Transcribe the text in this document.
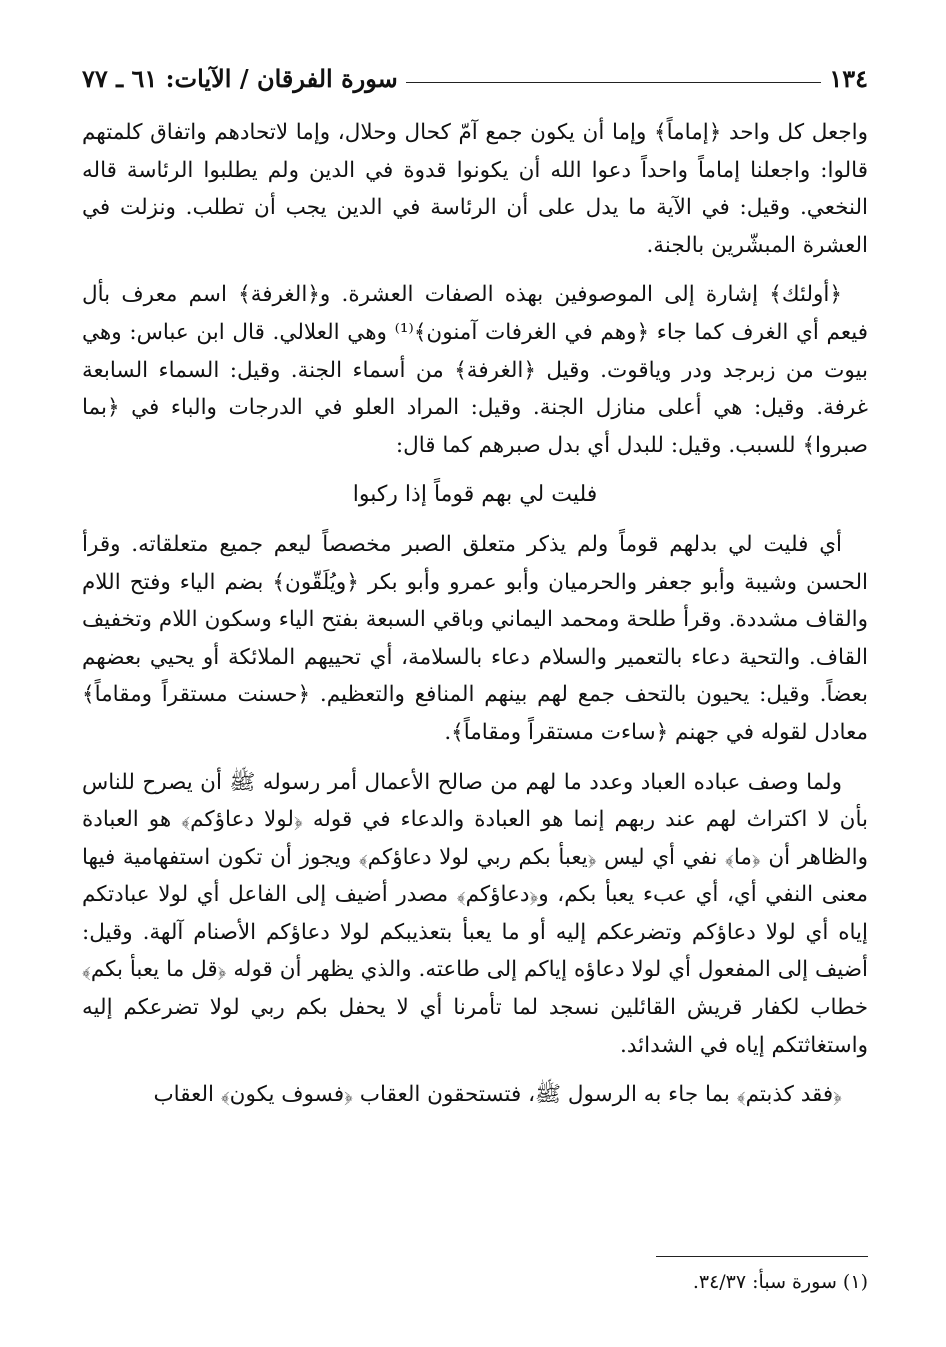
١٣٤
سورة الفرقان / الآيات: ٦١ ـ ٧٧

واجعل كل واحد ﴿إماماً﴾ وإما أن يكون جمع آمّ كحال وحلال، وإما لاتحادهم واتفاق كلمتهم قالوا: واجعلنا إماماً واحداً دعوا الله أن يكونوا قدوة في الدين ولم يطلبوا الرئاسة قاله النخعي. وقيل: في الآية ما يدل على أن الرئاسة في الدين يجب أن تطلب. ونزلت في العشرة المبشّرين بالجنة.

﴿أولئك﴾ إشارة إلى الموصوفين بهذه الصفات العشرة. و﴿الغرفة﴾ اسم معرف بأل فيعم أي الغرف كما جاء ﴿وهم في الغرفات آمنون﴾⁽¹⁾ وهي العلالي. قال ابن عباس: وهي بيوت من زبرجد ودر وياقوت. وقيل ﴿الغرفة﴾ من أسماء الجنة. وقيل: السماء السابعة غرفة. وقيل: هي أعلى منازل الجنة. وقيل: المراد العلو في الدرجات والباء في ﴿بما صبروا﴾ للسبب. وقيل: للبدل أي بدل صبرهم كما قال:

فليت لي بهم قوماً إذا ركبوا

أي فليت لي بدلهم قوماً ولم يذكر متعلق الصبر مخصصاً ليعم جميع متعلقاته. وقرأ الحسن وشيبة وأبو جعفر والحرميان وأبو عمرو وأبو بكر ﴿ويُلَقّون﴾ بضم الياء وفتح اللام والقاف مشددة. وقرأ طلحة ومحمد اليماني وباقي السبعة بفتح الياء وسكون اللام وتخفيف القاف. والتحية دعاء بالتعمير والسلام دعاء بالسلامة، أي تحييهم الملائكة أو يحيي بعضهم بعضاً. وقيل: يحيون بالتحف جمع لهم بينهم المنافع والتعظيم. ﴿حسنت مستقراً ومقاماً﴾ معادل لقوله في جهنم ﴿ساءت مستقراً ومقاماً﴾.

ولما وصف عباده العباد وعدد ما لهم من صالح الأعمال أمر رسوله ﷺ أن يصرح للناس بأن لا اكتراث لهم عند ربهم إنما هو العبادة والدعاء في قوله ﴿لولا دعاؤكم﴾ هو العبادة والظاهر أن ﴿ما﴾ نفي أي ليس ﴿يعبأ بكم ربي لولا دعاؤكم﴾ ويجوز أن تكون استفهامية فيها معنى النفي أي، أي عبء يعبأ بكم، و﴿دعاؤكم﴾ مصدر أضيف إلى الفاعل أي لولا عبادتكم إياه أي لولا دعاؤكم وتضرعكم إليه أو ما يعبأ بتعذيبكم لولا دعاؤكم الأصنام آلهة. وقيل: أضيف إلى المفعول أي لولا دعاؤه إياكم إلى طاعته. والذي يظهر أن قوله ﴿قل ما يعبأ بكم﴾ خطاب لكفار قريش القائلين نسجد لما تأمرنا أي لا يحفل بكم ربي لولا تضرعكم إليه واستغاثتكم إياه في الشدائد.

﴿فقد كذبتم﴾ بما جاء به الرسول ﷺ، فتستحقون العقاب ﴿فسوف يكون﴾ العقاب

(١) سورة سبأ: ٣٤/٣٧.
